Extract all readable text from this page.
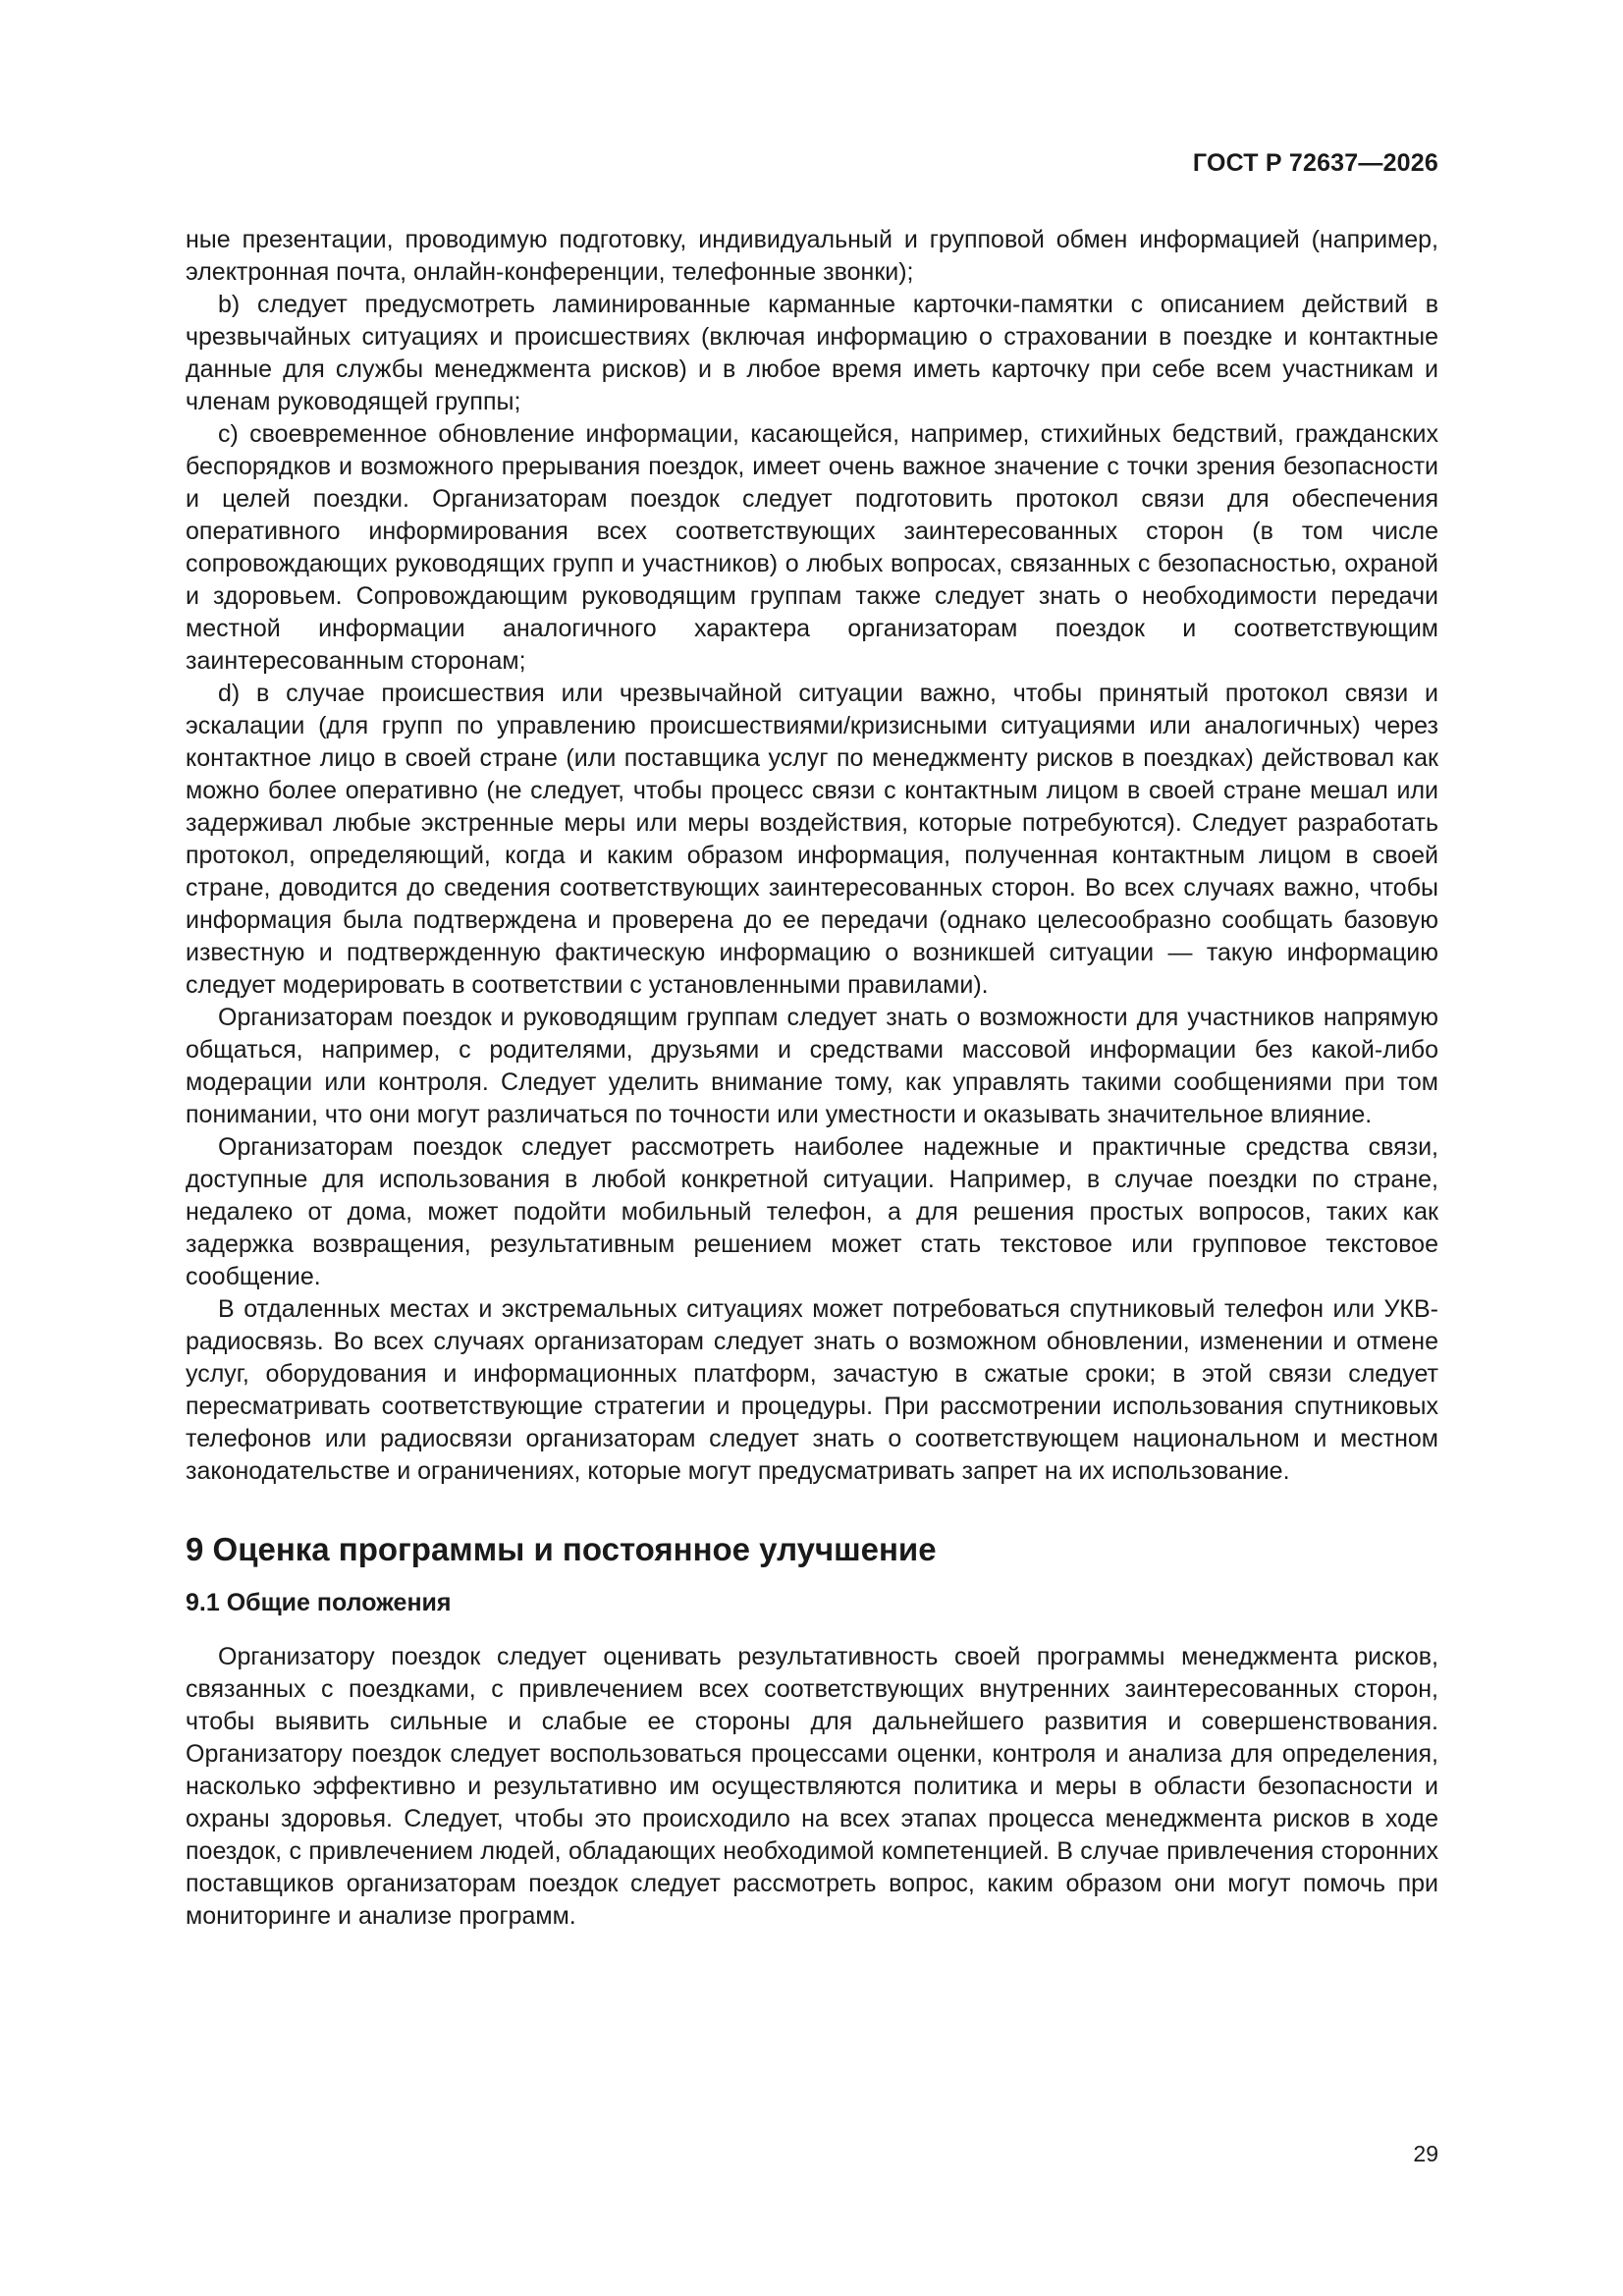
ГОСТ Р 72637—2026

ные презентации, проводимую подготовку, индивидуальный и групповой обмен информацией (например, электронная почта, онлайн-конференции, телефонные звонки);

b) следует предусмотреть ламинированные карманные карточки-памятки с описанием действий в чрезвычайных ситуациях и происшествиях (включая информацию о страховании в поездке и контактные данные для службы менеджмента рисков) и в любое время иметь карточку при себе всем участникам и членам руководящей группы;

c) своевременное обновление информации, касающейся, например, стихийных бедствий, гражданских беспорядков и возможного прерывания поездок, имеет очень важное значение с точки зрения безопасности и целей поездки. Организаторам поездок следует подготовить протокол связи для обеспечения оперативного информирования всех соответствующих заинтересованных сторон (в том числе сопровождающих руководящих групп и участников) о любых вопросах, связанных с безопасностью, охраной и здоровьем. Сопровождающим руководящим группам также следует знать о необходимости передачи местной информации аналогичного характера организаторам поездок и соответствующим заинтересованным сторонам;

d) в случае происшествия или чрезвычайной ситуации важно, чтобы принятый протокол связи и эскалации (для групп по управлению происшествиями/кризисными ситуациями или аналогичных) через контактное лицо в своей стране (или поставщика услуг по менеджменту рисков в поездках) действовал как можно более оперативно (не следует, чтобы процесс связи с контактным лицом в своей стране мешал или задерживал любые экстренные меры или меры воздействия, которые потребуются). Следует разработать протокол, определяющий, когда и каким образом информация, полученная контактным лицом в своей стране, доводится до сведения соответствующих заинтересованных сторон. Во всех случаях важно, чтобы информация была подтверждена и проверена до ее передачи (однако целесообразно сообщать базовую известную и подтвержденную фактическую информацию о возникшей ситуации — такую информацию следует модерировать в соответствии с установленными правилами).

Организаторам поездок и руководящим группам следует знать о возможности для участников напрямую общаться, например, с родителями, друзьями и средствами массовой информации без какой-либо модерации или контроля. Следует уделить внимание тому, как управлять такими сообщениями при том понимании, что они могут различаться по точности или уместности и оказывать значительное влияние.

Организаторам поездок следует рассмотреть наиболее надежные и практичные средства связи, доступные для использования в любой конкретной ситуации. Например, в случае поездки по стране, недалеко от дома, может подойти мобильный телефон, а для решения простых вопросов, таких как задержка возвращения, результативным решением может стать текстовое или групповое текстовое сообщение.

В отдаленных местах и экстремальных ситуациях может потребоваться спутниковый телефон или УКВ-радиосвязь. Во всех случаях организаторам следует знать о возможном обновлении, изменении и отмене услуг, оборудования и информационных платформ, зачастую в сжатые сроки; в этой связи следует пересматривать соответствующие стратегии и процедуры. При рассмотрении использования спутниковых телефонов или радиосвязи организаторам следует знать о соответствующем национальном и местном законодательстве и ограничениях, которые могут предусматривать запрет на их использование.

9 Оценка программы и постоянное улучшение
9.1 Общие положения

Организатору поездок следует оценивать результативность своей программы менеджмента рисков, связанных с поездками, с привлечением всех соответствующих внутренних заинтересованных сторон, чтобы выявить сильные и слабые ее стороны для дальнейшего развития и совершенствования. Организатору поездок следует воспользоваться процессами оценки, контроля и анализа для определения, насколько эффективно и результативно им осуществляются политика и меры в области безопасности и охраны здоровья. Следует, чтобы это происходило на всех этапах процесса менеджмента рисков в ходе поездок, с привлечением людей, обладающих необходимой компетенцией. В случае привлечения сторонних поставщиков организаторам поездок следует рассмотреть вопрос, каким образом они могут помочь при мониторинге и анализе программ.

29
